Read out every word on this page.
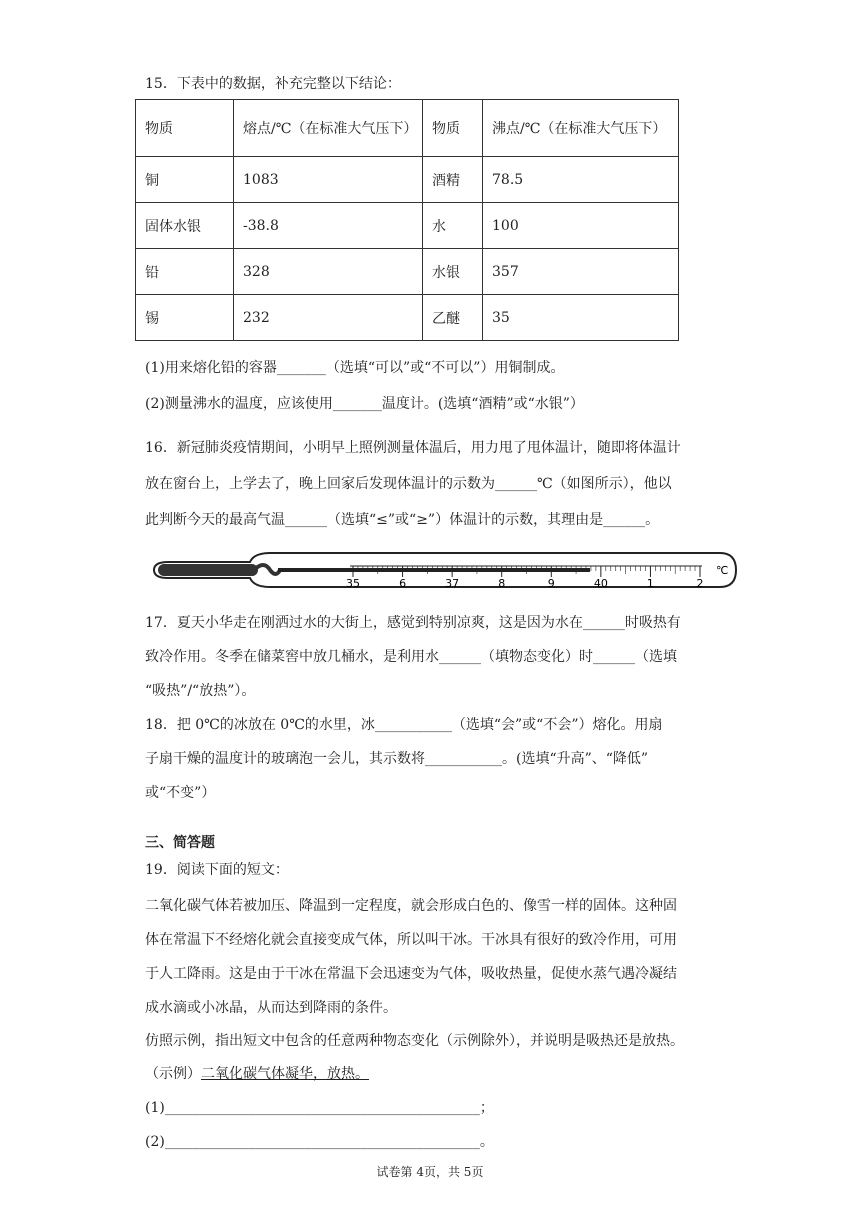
15．下表中的数据，补充完整以下结论：
物质	熔点/℃（在标准大气压下）	物质	沸点/℃（在标准大气压下）
铜	1083	酒精	78.5
固体水银	-38.8	水	100
铅	328	水银	357
锡	232	乙醚	35
(1)用来熔化铅的容器_______（选填“可以”或“不可以”）用铜制成。
(2)测量沸水的温度，应该使用_______温度计。(选填“酒精”或“水银”）
16．新冠肺炎疫情期间，小明早上照例测量体温后，用力甩了甩体温计，随即将体温计
放在窗台上，上学去了，晚上回家后发现体温计的示数为______℃（如图所示），他以
此判断今天的最高气温______（选填“≤”或“≥”）体温计的示数，其理由是______。
35	6	37	8	9	40	1	2
℃
17．夏天小华走在刚洒过水的大街上，感觉到特别凉爽，这是因为水在______时吸热有
致冷作用。冬季在储菜窖中放几桶水，是利用水______（填物态变化）时______（选填
“吸热”/“放热”）。
18．把 0℃的冰放在 0℃的水里，冰___________（选填“会”或“不会”）熔化。用扇
子扇干燥的温度计的玻璃泡一会儿，其示数将___________。(选填“升高”、“降低”
或“不变”）
三、简答题
19．阅读下面的短文：
二氧化碳气体若被加压、降温到一定程度，就会形成白色的、像雪一样的固体。这种固
体在常温下不经熔化就会直接变成气体，所以叫干冰。干冰具有很好的致冷作用，可用
于人工降雨。这是由于干冰在常温下会迅速变为气体，吸收热量，促使水蒸气遇冷凝结
成水滴或小冰晶，从而达到降雨的条件。
仿照示例，指出短文中包含的任意两种物态变化（示例除外），并说明是吸热还是放热。
（示例）二氧化碳气体凝华，放热。
(1)_____________________________________________；
(2)_____________________________________________。
试卷第 4页，共 5页
